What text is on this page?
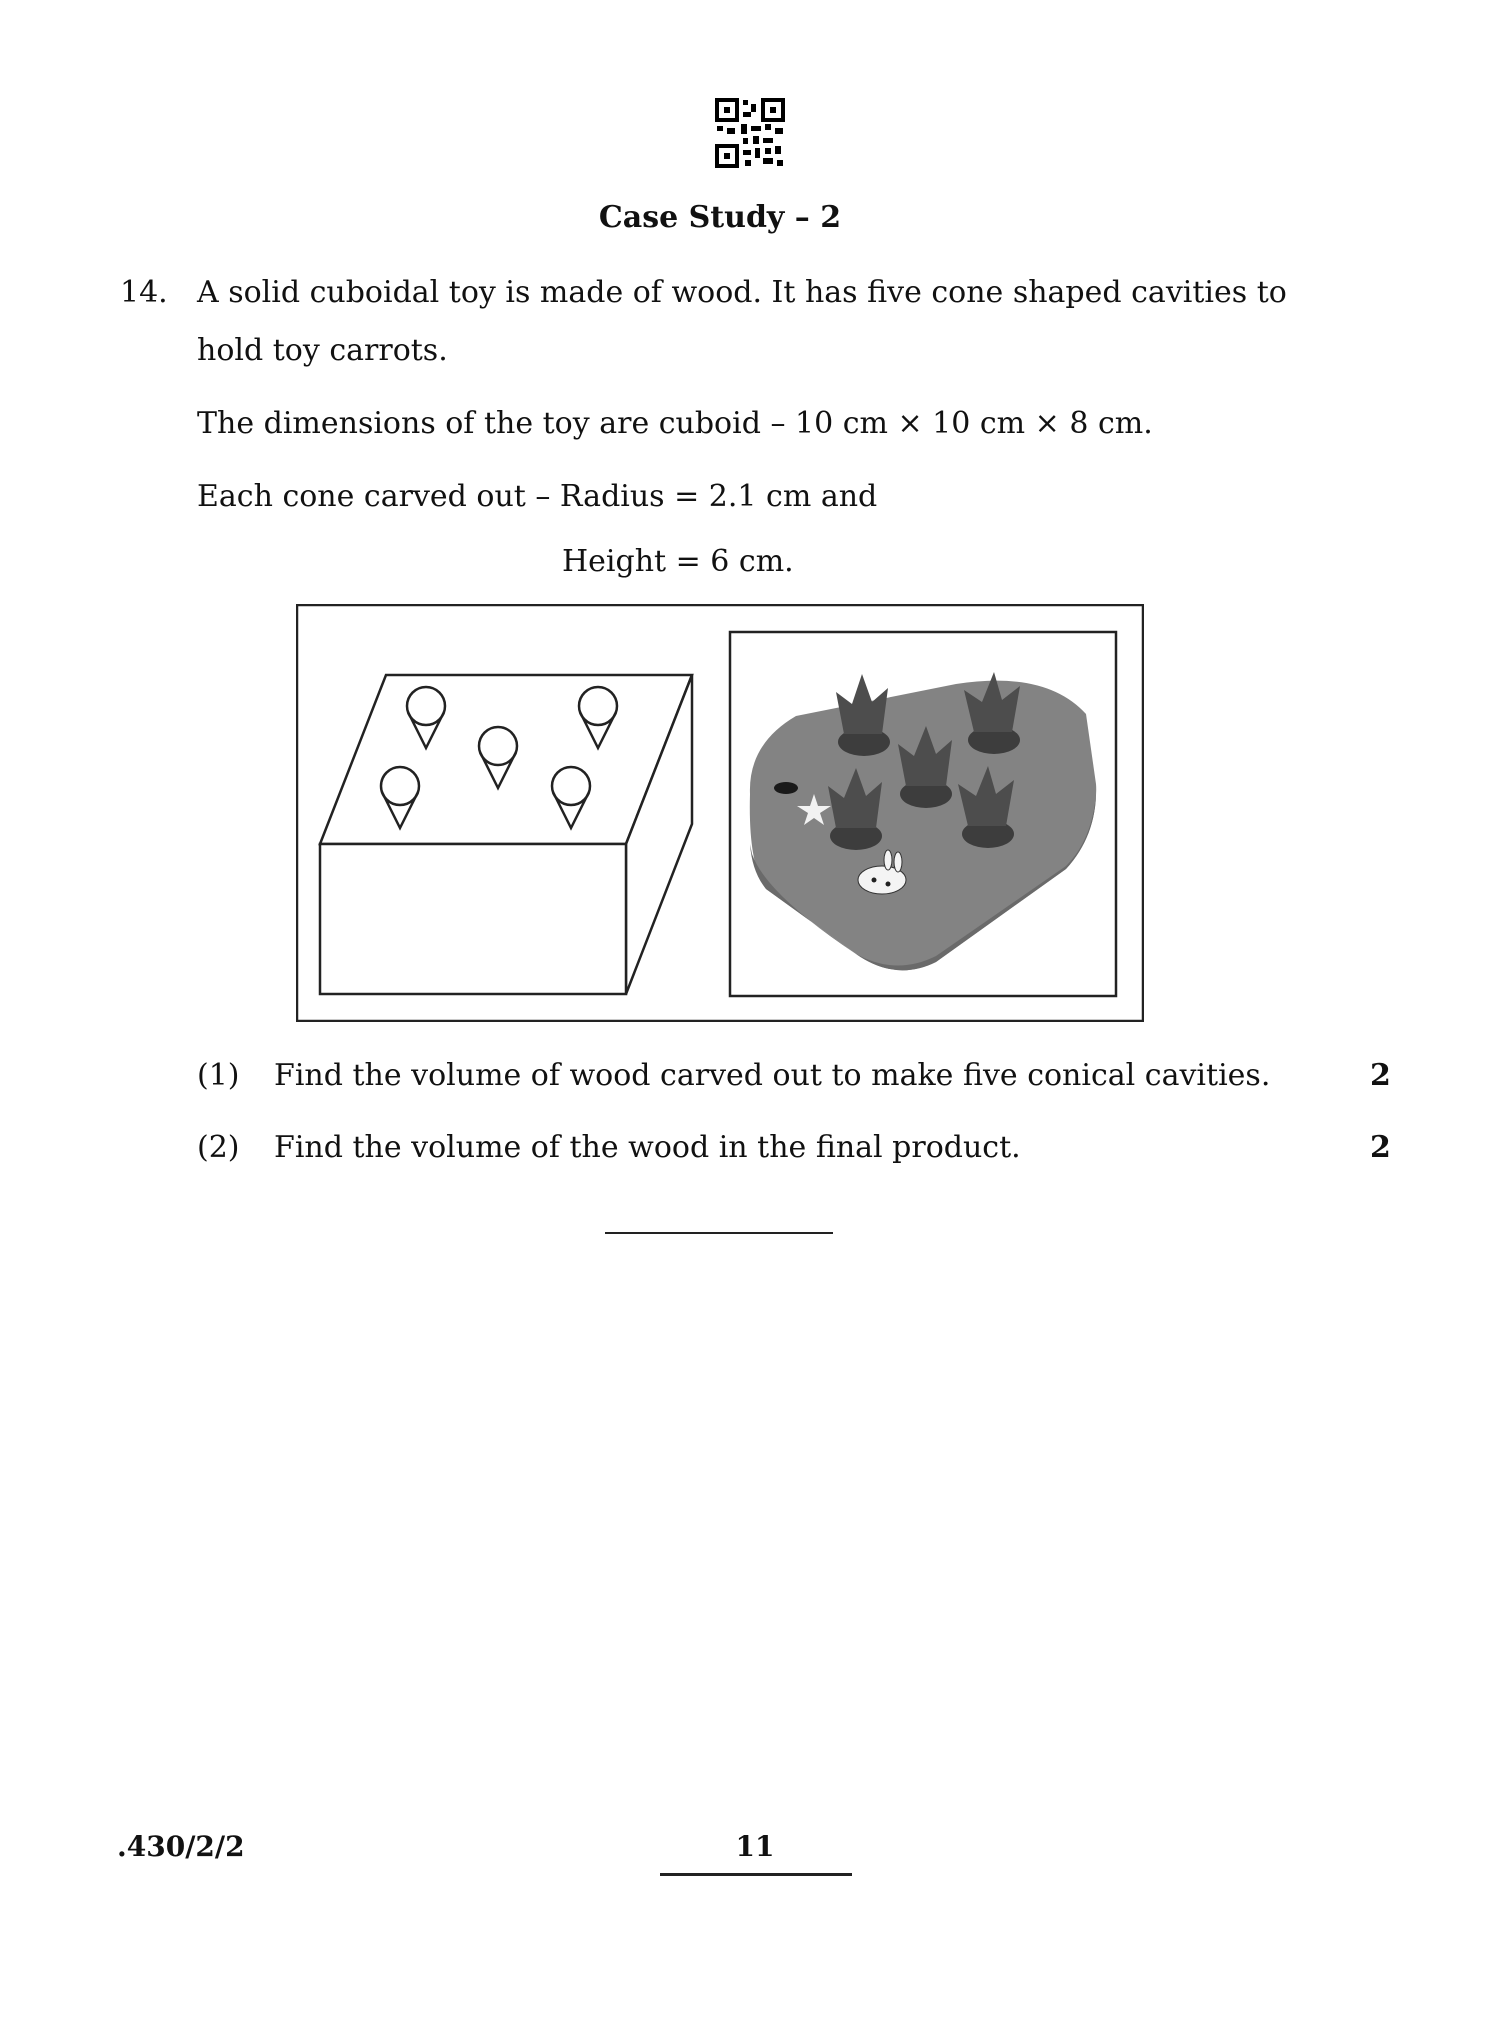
Case Study – 2
14. A solid cuboidal toy is made of wood. It has five cone shaped cavities to
hold toy carrots.
The dimensions of the toy are cuboid – 10 cm × 10 cm × 8 cm.
Each cone carved out – Radius = 2.1 cm and
Height = 6 cm.
(1) Find the volume of wood carved out to make five conical cavities.	2
(2) Find the volume of the wood in the final product.	2
.430/2/2	11
